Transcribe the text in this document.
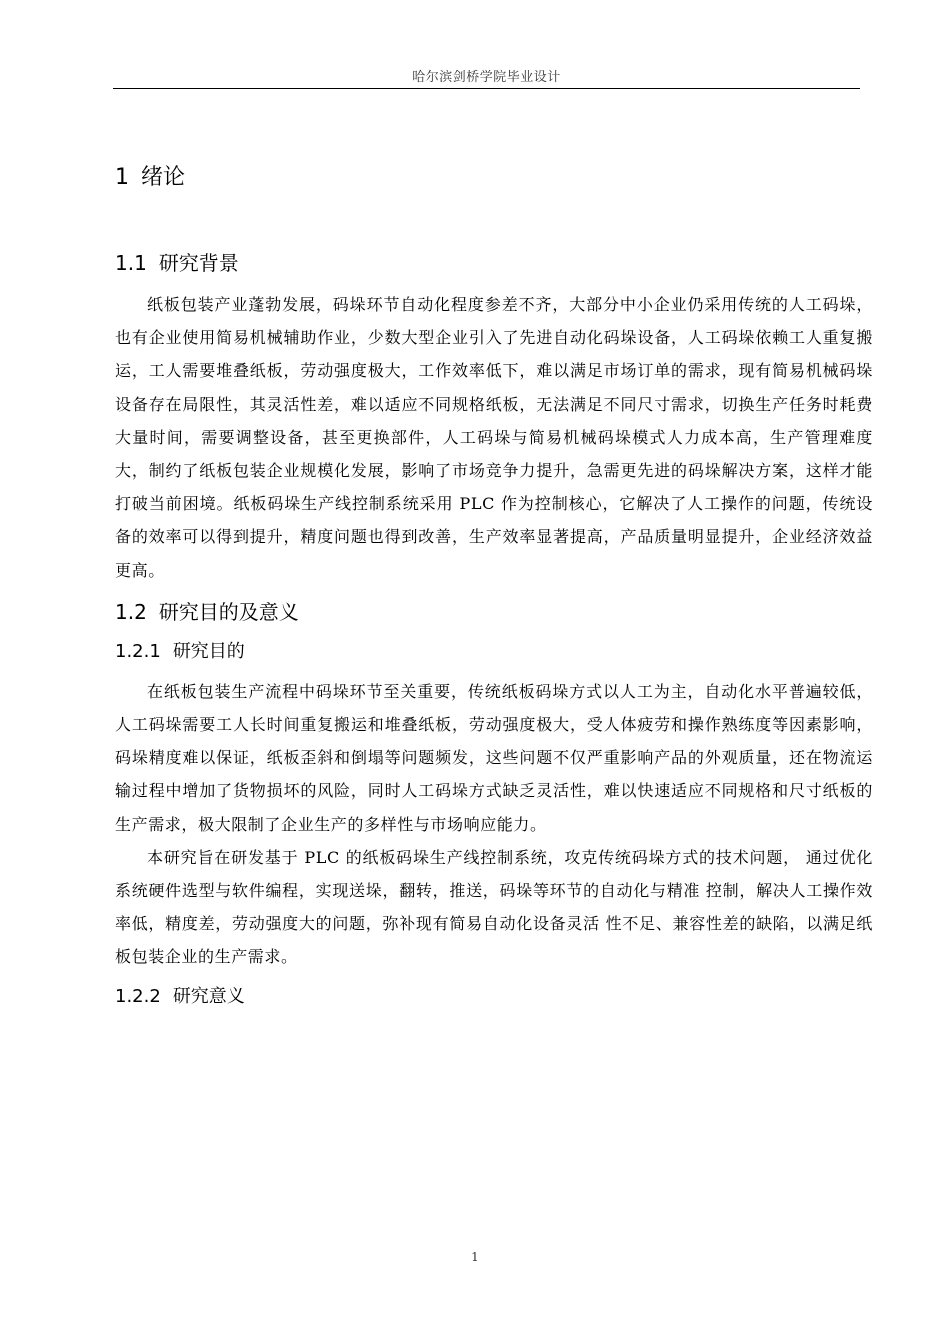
哈尔滨剑桥学院毕业设计
1 绪论
1.1 研究背景

纸板包装产业蓬勃发展，码垛环节自动化程度参差不齐，大部分中小企业仍采用传统的人工码垛，也有企业使用简易机械辅助作业，少数大型企业引入了先进自动化码垛设备，人工码垛依赖工人重复搬运，工人需要堆叠纸板，劳动强度极大，工作效率低下，难以满足市场订单的需求，现有简易机械码垛设备存在局限性，其灵活性差，难以适应不同规格纸板，无法满足不同尺寸需求，切换生产任务时耗费大量时间，需要调整设备，甚至更换部件，人工码垛与简易机械码垛模式人力成本高，生产管理难度大，制约了纸板包装企业规模化发展，影响了市场竞争力提升，急需更先进的码垛解决方案，这样才能打破当前困境。纸板码垛生产线控制系统采用 PLC 作为控制核心，它解决了人工操作的问题，传统设备的效率可以得到提升，精度问题也得到改善，生产效率显著提高，产品质量明显提升，企业经济效益更高。

1.2 研究目的及意义
1.2.1 研究目的

在纸板包装生产流程中码垛环节至关重要，传统纸板码垛方式以人工为主，自动化水平普遍较低，人工码垛需要工人长时间重复搬运和堆叠纸板，劳动强度极大，受人体疲劳和操作熟练度等因素影响，码垛精度难以保证，纸板歪斜和倒塌等问题频发，这些问题不仅严重影响产品的外观质量，还在物流运输过程中增加了货物损坏的风险，同时人工码垛方式缺乏灵活性，难以快速适应不同规格和尺寸纸板的生产需求，极大限制了企业生产的多样性与市场响应能力。

本研究旨在研发基于 PLC 的纸板码垛生产线控制系统，攻克传统码垛方式的技术问题， 通过优化系统硬件选型与软件编程，实现送垛，翻转，推送，码垛等环节的自动化与精准 控制，解决人工操作效率低，精度差，劳动强度大的问题，弥补现有简易自动化设备灵活 性不足、兼容性差的缺陷，以满足纸板包装企业的生产需求。

1.2.2 研究意义
1
